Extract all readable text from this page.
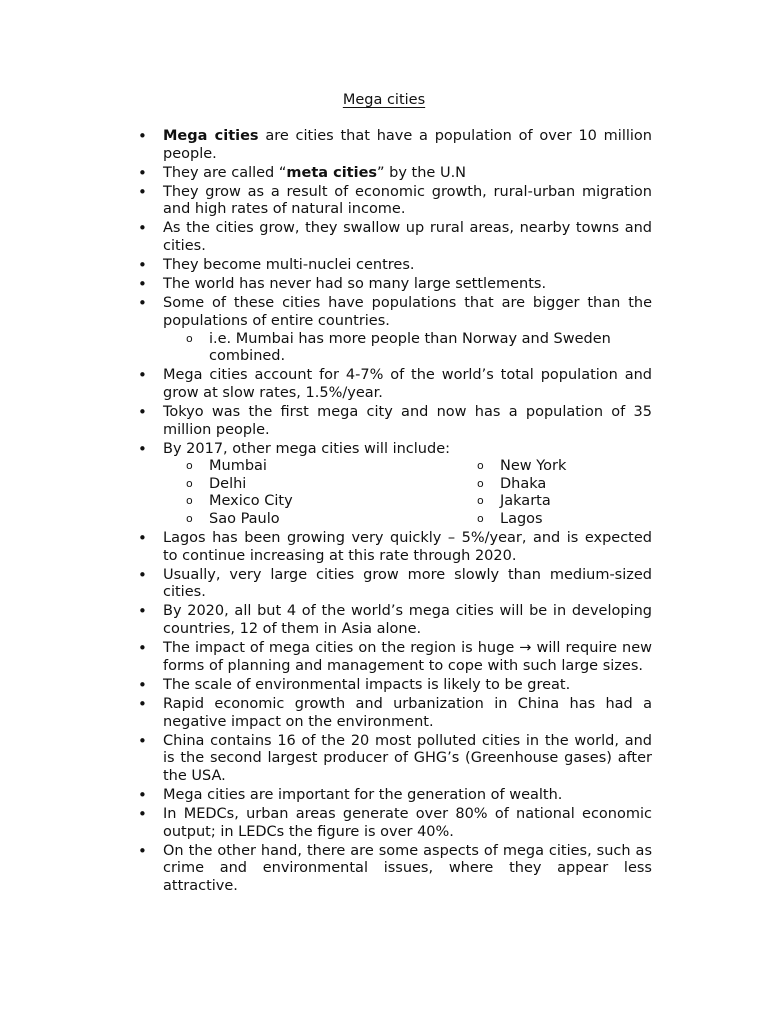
Mega cities
• Mega cities are cities that have a population of over 10 million people.
• They are called “meta cities” by the U.N
• They grow as a result of economic growth, rural-urban migration and high rates of natural income.
• As the cities grow, they swallow up rural areas, nearby towns and cities.
• They become multi-nuclei centres.
• The world has never had so many large settlements.
• Some of these cities have populations that are bigger than the populations of entire countries.
o i.e. Mumbai has more people than Norway and Sweden combined.
• Mega cities account for 4-7% of the world’s total population and grow at slow rates, 1.5%/year.
• Tokyo was the first mega city and now has a population of 35 million people.
• By 2017, other mega cities will include:
o Mumbai	o New York
o Delhi	o Dhaka
o Mexico City	o Jakarta
o Sao Paulo	o Lagos
• Lagos has been growing very quickly – 5%/year, and is expected to continue increasing at this rate through 2020.
• Usually, very large cities grow more slowly than medium-sized cities.
• By 2020, all but 4 of the world’s mega cities will be in developing countries, 12 of them in Asia alone.
• The impact of mega cities on the region is huge → will require new forms of planning and management to cope with such large sizes.
• The scale of environmental impacts is likely to be great.
• Rapid economic growth and urbanization in China has had a negative impact on the environment.
• China contains 16 of the 20 most polluted cities in the world, and is the second largest producer of GHG’s (Greenhouse gases) after the USA.
• Mega cities are important for the generation of wealth.
• In MEDCs, urban areas generate over 80% of national economic output; in LEDCs the figure is over 40%.
• On the other hand, there are some aspects of mega cities, such as crime and environmental issues, where they appear less attractive.
